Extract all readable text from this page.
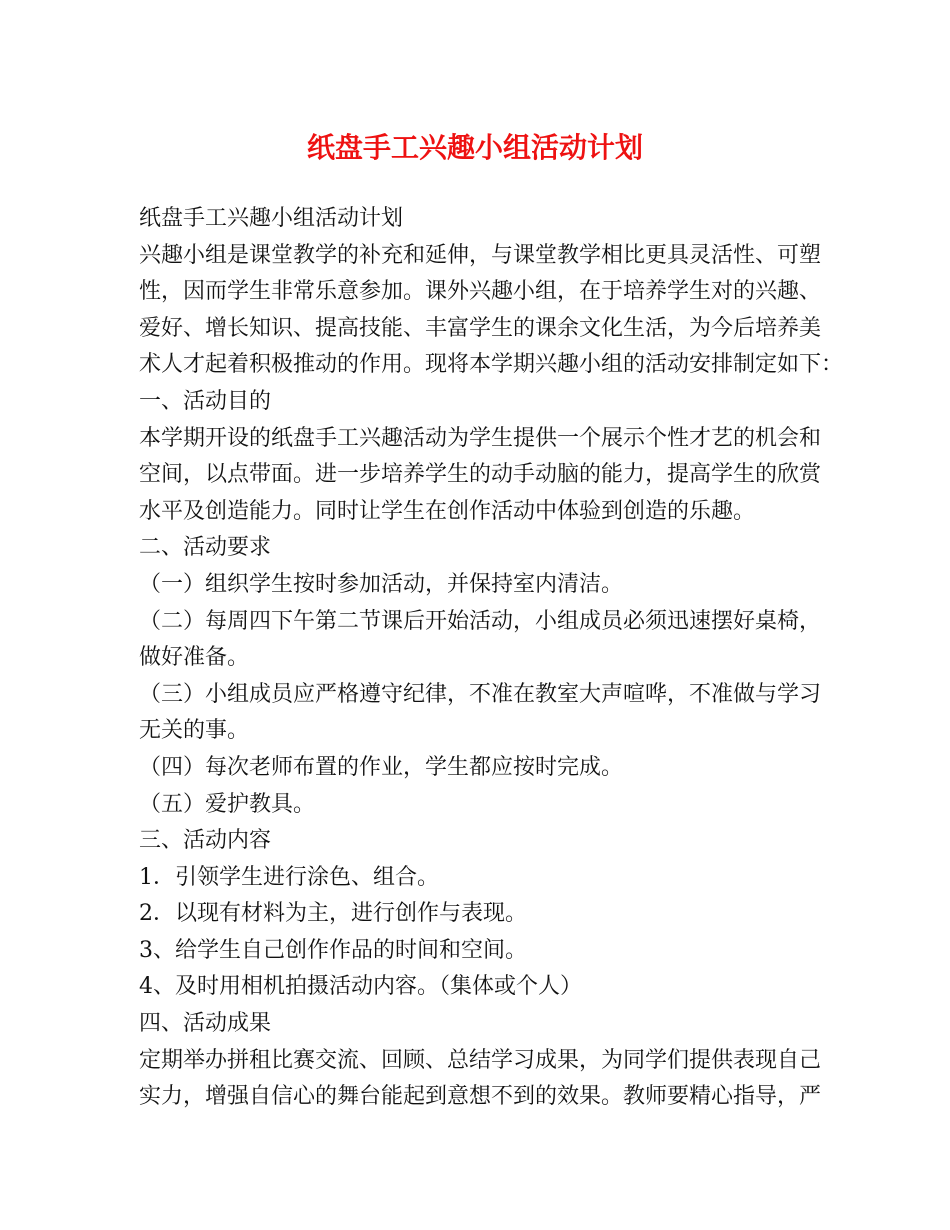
纸盘手工兴趣小组活动计划
纸盘手工兴趣小组活动计划
兴趣小组是课堂教学的补充和延伸，与课堂教学相比更具灵活性、可塑
性，因而学生非常乐意参加。课外兴趣小组，在于培养学生对的兴趣、
爱好、增长知识、提高技能、丰富学生的课余文化生活，为今后培养美
术人才起着积极推动的作用。现将本学期兴趣小组的活动安排制定如下：
一、活动目的
本学期开设的纸盘手工兴趣活动为学生提供一个展示个性才艺的机会和
空间，以点带面。进一步培养学生的动手动脑的能力，提高学生的欣赏
水平及创造能力。同时让学生在创作活动中体验到创造的乐趣。
二、活动要求
（一）组织学生按时参加活动，并保持室内清洁。
（二）每周四下午第二节课后开始活动，小组成员必须迅速摆好桌椅，
做好准备。
（三）小组成员应严格遵守纪律，不准在教室大声喧哗，不准做与学习
无关的事。
（四）每次老师布置的作业，学生都应按时完成。
（五）爱护教具。
三、活动内容
1．引领学生进行涂色、组合。
2．以现有材料为主，进行创作与表现。
3、给学生自己创作作品的时间和空间。
4、及时用相机拍摄活动内容。（集体或个人）
四、活动成果
定期举办拼租比赛交流、回顾、总结学习成果，为同学们提供表现自己
实力，增强自信心的舞台能起到意想不到的效果。教师要精心指导，严
